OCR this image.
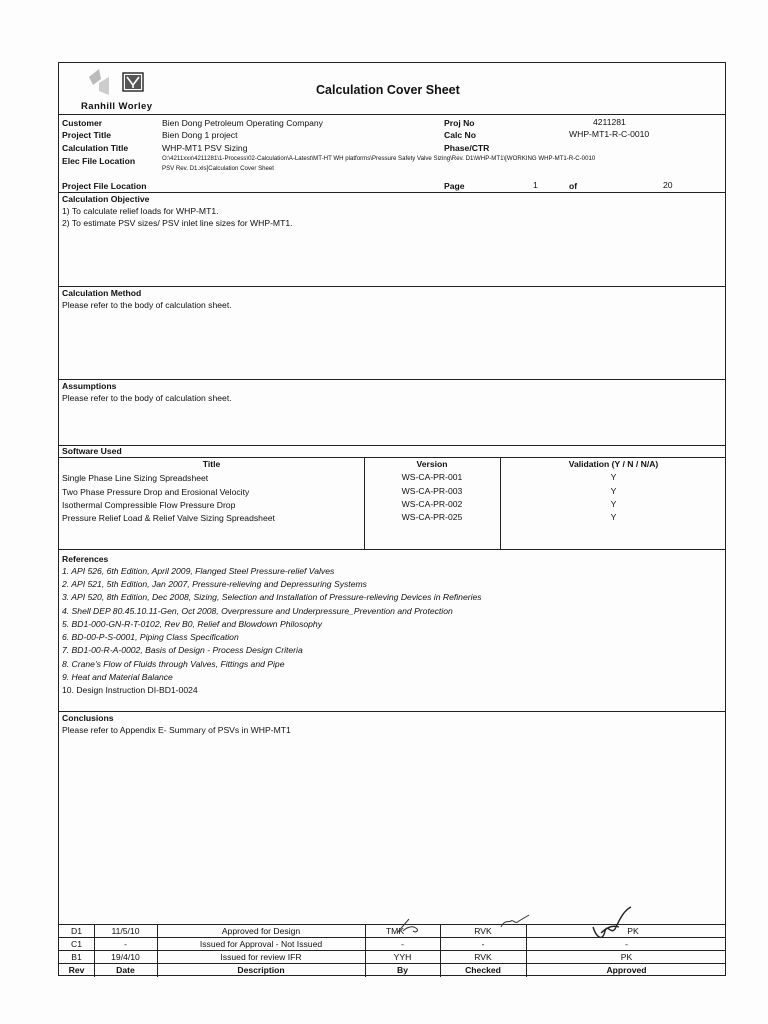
Ranhill Worley
Calculation Cover Sheet
Customer	Bien Dong Petroleum Operating Company
Project Title	Bien Dong 1 project
Calculation Title	WHP-MT1 PSV Sizing
Elec File Location	O:\4211xxx\4211281\1-Process\02-Calculation\A-Latest\MT-HT WH platforms\Pressure Safety Valve Sizing\Rev. D1\WHP-MT1\[WORKING WHP-MT1-R-C-0010
PSV Rev. D1.xls]Calculation Cover Sheet
Proj No	4211281
Calc No	WHP-MT1-R-C-0010
Phase/CTR
Project File Location	Page	1	of	20
Calculation Objective
1) To calculate relief loads for WHP-MT1.
2) To estimate PSV sizes/ PSV inlet line sizes for WHP-MT1.
Calculation Method
Please refer to the body of calculation sheet.
Assumptions
Please refer to the body of calculation sheet.
Software Used
Title	Version	Validation (Y / N / N/A)
Single Phase Line Sizing Spreadsheet	WS-CA-PR-001	Y
Two Phase Pressure Drop and Erosional Velocity	WS-CA-PR-003	Y
Isothermal Compressible Flow Pressure Drop	WS-CA-PR-002	Y
Pressure Relief Load & Relief Valve Sizing Spreadsheet	WS-CA-PR-025	Y
References
1. API 526, 6th Edition, April 2009, Flanged Steel Pressure-relief Valves
2. API 521, 5th Edition, Jan 2007, Pressure-relieving and Depressuring Systems
3. API 520, 8th Edition, Dec 2008, Sizing, Selection and Installation of Pressure-relieving Devices in Refineries
4. Shell DEP 80.45.10.11-Gen, Oct 2008, Overpressure and Underpressure_Prevention and Protection
5. BD1-000-GN-R-T-0102, Rev B0, Relief and Blowdown Philosophy
6. BD-00-P-S-0001, Piping Class Specification
7. BD1-00-R-A-0002, Basis of Design - Process Design Criteria
8. Crane's Flow of Fluids through Valves, Fittings and Pipe
9. Heat and Material Balance
10. Design Instruction DI-BD1-0024
Conclusions
Please refer to Appendix E- Summary of PSVs in WHP-MT1
D1	11/5/10	Approved for Design	TMK	RVK	PK
C1	-	Issued for Approval - Not Issued	-	-	-
B1	19/4/10	Issued for review IFR	YYH	RVK	PK
Rev	Date	Description	By	Checked	Approved
